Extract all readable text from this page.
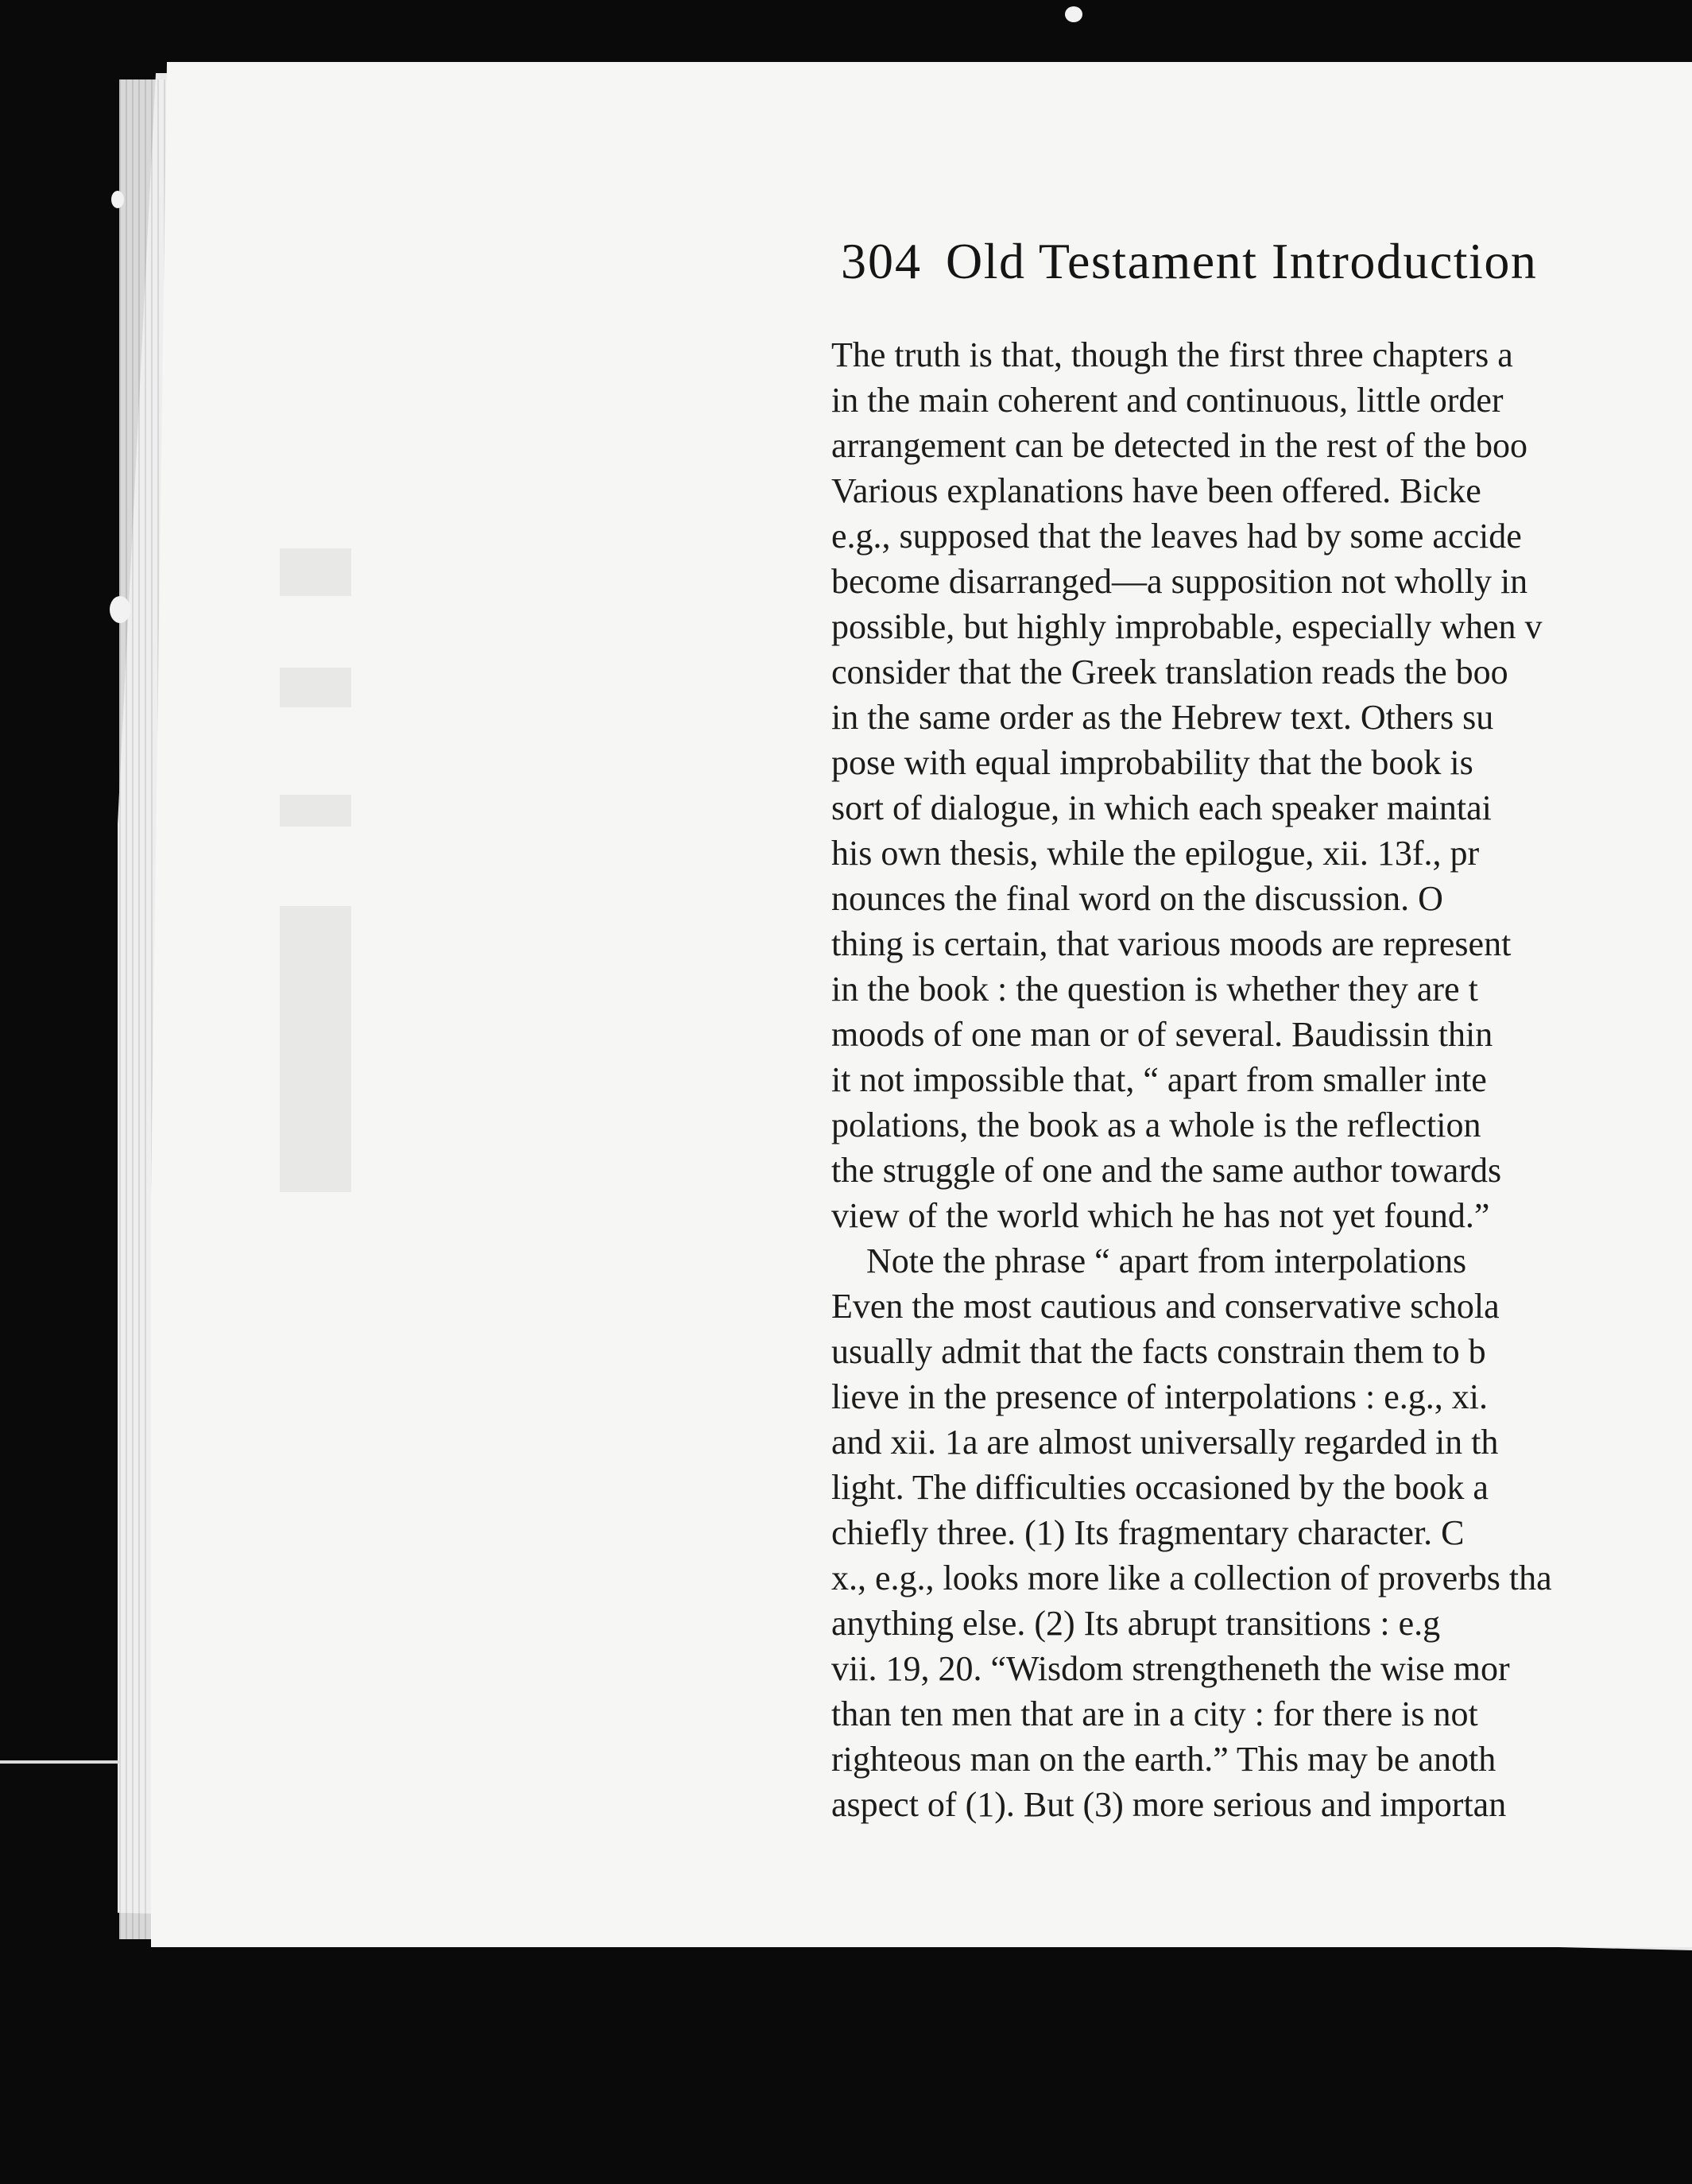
304 Old Testament Introduction
The truth is that, though the first three chapters a
in the main coherent and continuous, little order
arrangement can be detected in the rest of the boo
Various explanations have been offered. Bicke
e.g., supposed that the leaves had by some accide
become disarranged—a supposition not wholly in
possible, but highly improbable, especially when v
consider that the Greek translation reads the boo
in the same order as the Hebrew text. Others su
pose with equal improbability that the book is
sort of dialogue, in which each speaker maintai
his own thesis, while the epilogue, xii. 13f., pr
nounces the final word on the discussion. O
thing is certain, that various moods are represent
in the book : the question is whether they are t
moods of one man or of several. Baudissin thin
it not impossible that, “ apart from smaller inte
polations, the book as a whole is the reflection
the struggle of one and the same author towards
view of the world which he has not yet found.”
Note the phrase “ apart from interpolations
Even the most cautious and conservative schola
usually admit that the facts constrain them to b
lieve in the presence of interpolations : e.g., xi.
and xii. 1a are almost universally regarded in th
light. The difficulties occasioned by the book a
chiefly three. (1) Its fragmentary character. C
x., e.g., looks more like a collection of proverbs tha
anything else. (2) Its abrupt transitions : e.g
vii. 19, 20. “Wisdom strengtheneth the wise mor
than ten men that are in a city : for there is not
righteous man on the earth.” This may be anoth
aspect of (1). But (3) more serious and importan
